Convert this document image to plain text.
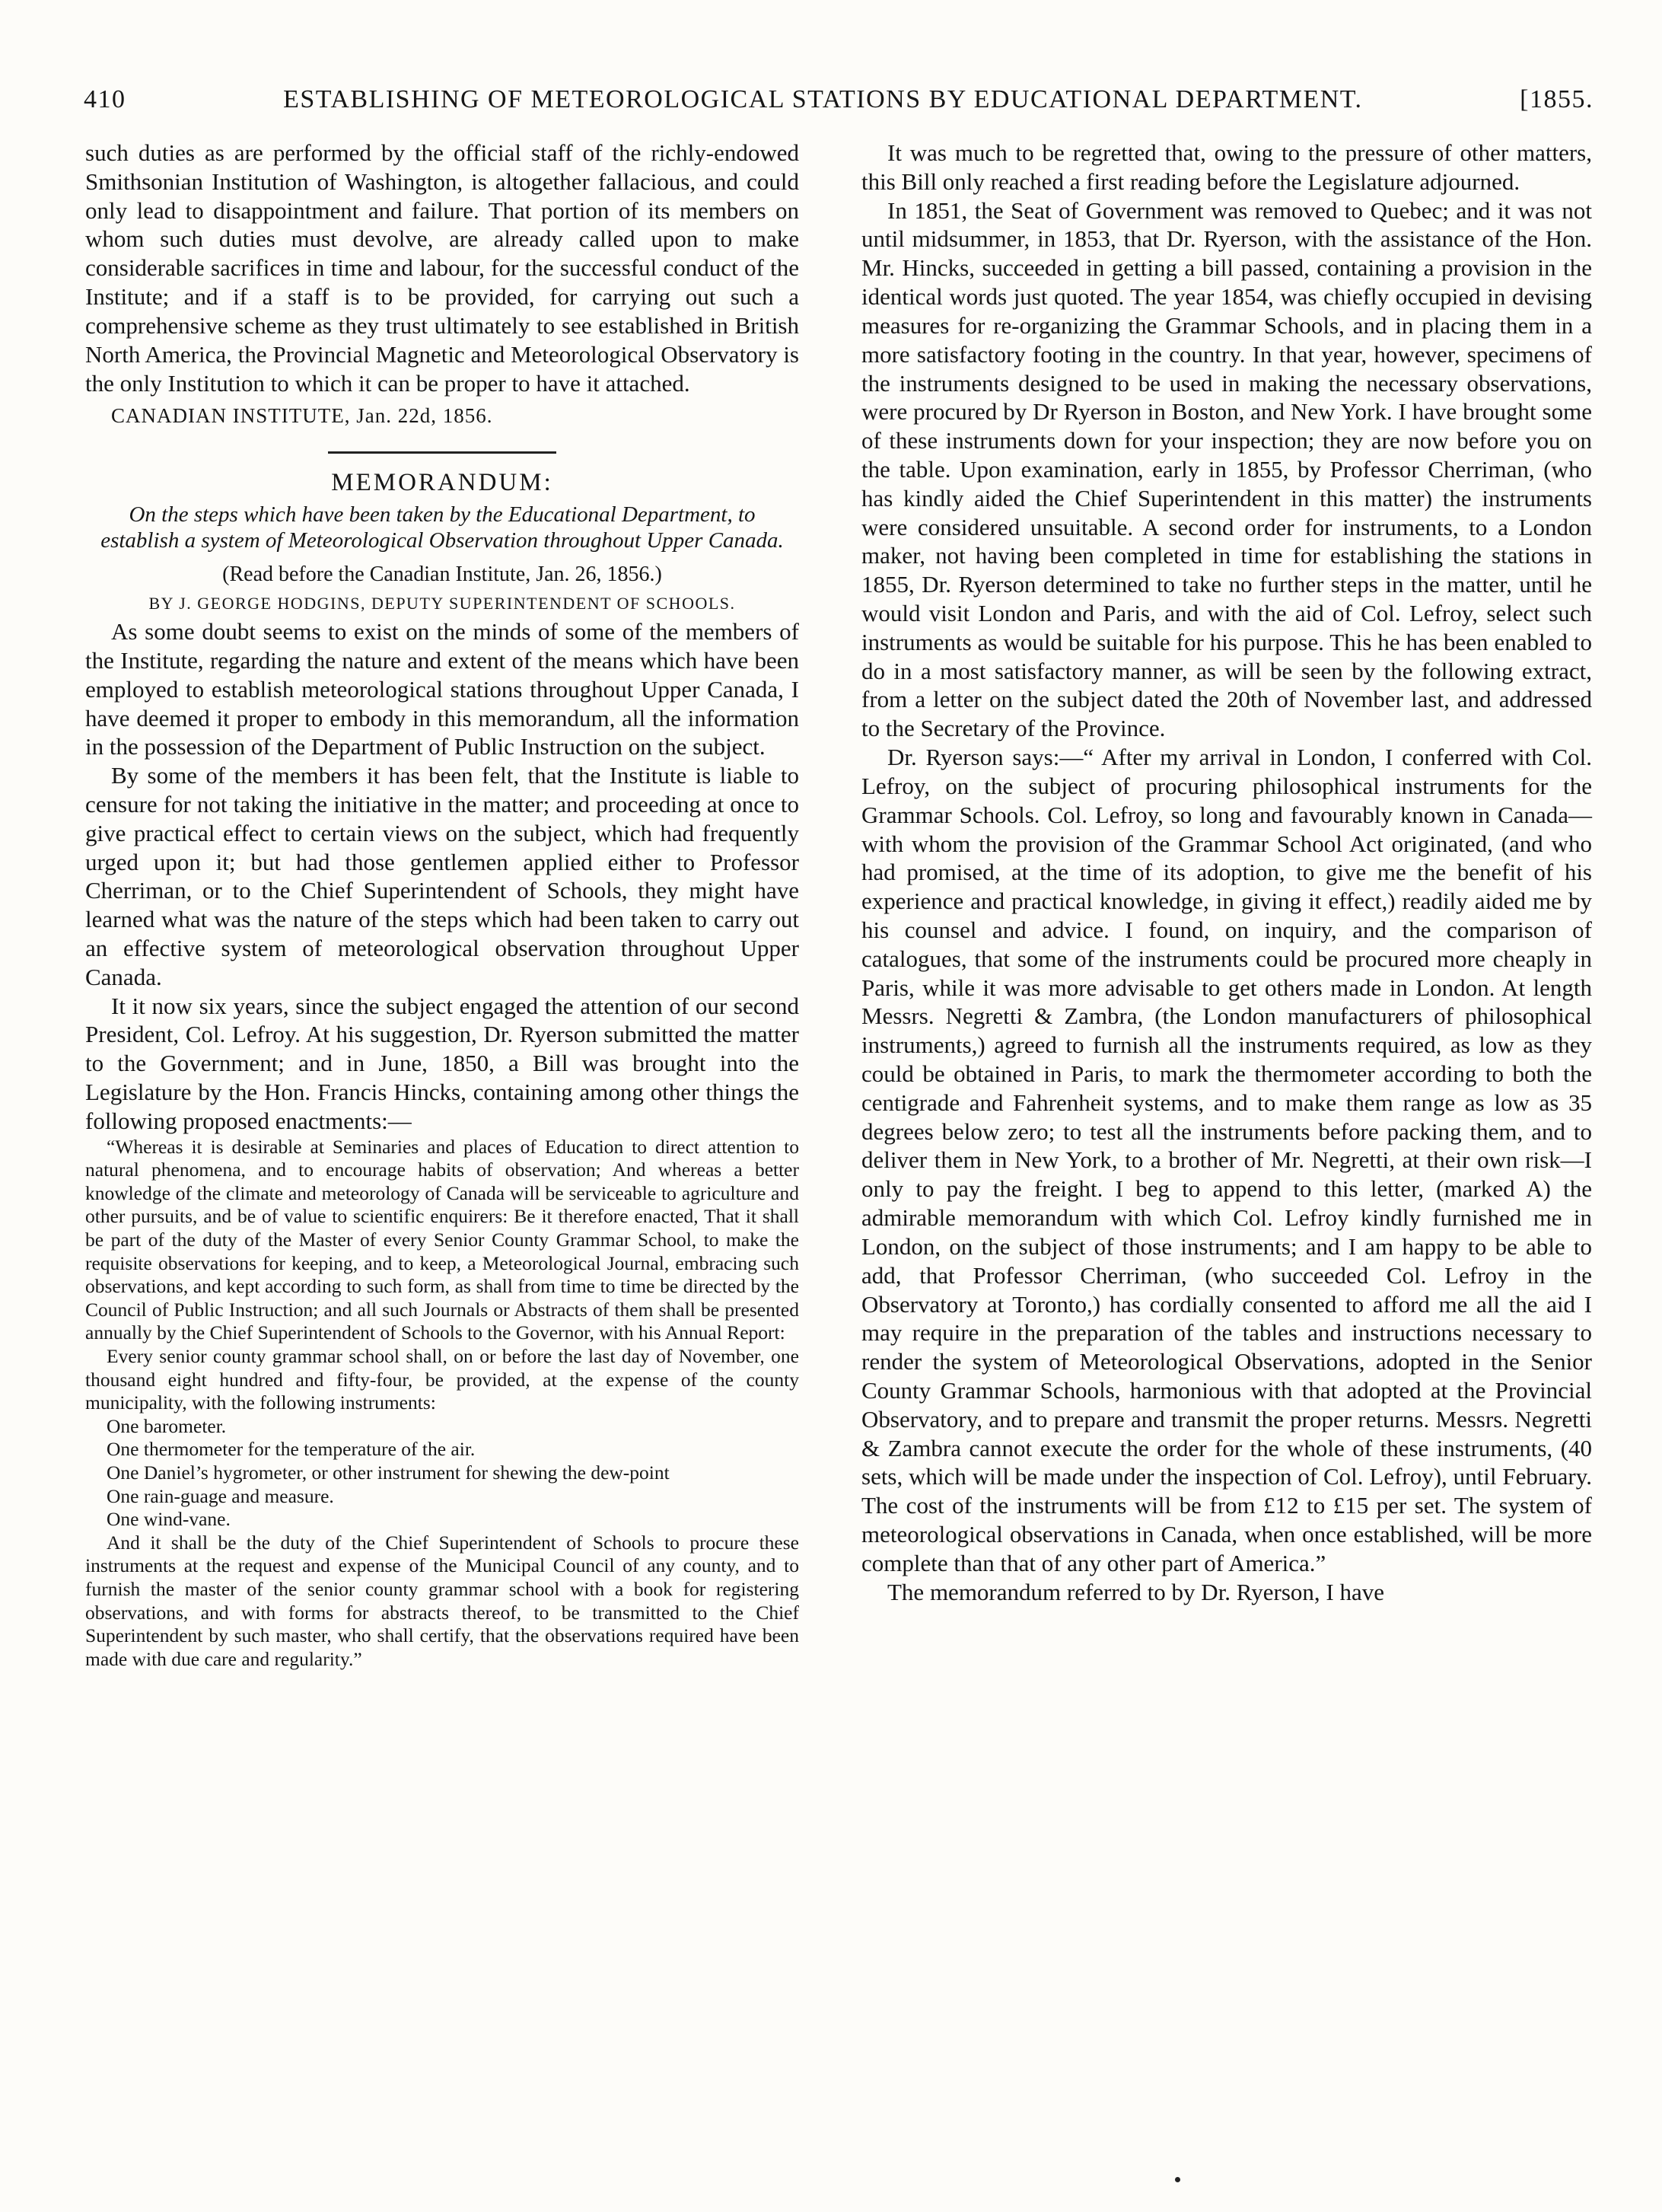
410	ESTABLISHING OF METEOROLOGICAL STATIONS BY EDUCATIONAL DEPARTMENT.	[1855.

such duties as are performed by the official staff of the richly-endowed Smithsonian Institution of Washington, is altogether fallacious, and could only lead to disappointment and failure. That portion of its members on whom such duties must devolve, are already called upon to make considerable sacrifices in time and labour, for the successful conduct of the Institute; and if a staff is to be provided, for carrying out such a comprehensive scheme as they trust ultimately to see established in British North America, the Provincial Magnetic and Meteorological Observatory is the only Institution to which it can be proper to have it attached.

CANADIAN INSTITUTE, Jan. 22d, 1856.

MEMORANDUM:

On the steps which have been taken by the Educational Department, to establish a system of Meteorological Observation throughout Upper Canada.

(Read before the Canadian Institute, Jan. 26, 1856.)

BY J. GEORGE HODGINS, DEPUTY SUPERINTENDENT OF SCHOOLS.

As some doubt seems to exist on the minds of some of the members of the Institute, regarding the nature and extent of the means which have been employed to establish meteorological stations throughout Upper Canada, I have deemed it proper to embody in this memorandum, all the information in the possession of the Department of Public Instruction on the subject.

By some of the members it has been felt, that the Institute is liable to censure for not taking the initiative in the matter; and proceeding at once to give practical effect to certain views on the subject, which had frequently urged upon it; but had those gentlemen applied either to Professor Cherriman, or to the Chief Superintendent of Schools, they might have learned what was the nature of the steps which had been taken to carry out an effective system of meteorological observation throughout Upper Canada.

It it now six years, since the subject engaged the attention of our second President, Col. Lefroy. At his suggestion, Dr. Ryerson submitted the matter to the Government; and in June, 1850, a Bill was brought into the Legislature by the Hon. Francis Hincks, containing among other things the following proposed enactments:—

“Whereas it is desirable at Seminaries and places of Education to direct attention to natural phenomena, and to encourage habits of observation; And whereas a better knowledge of the climate and meteorology of Canada will be serviceable to agriculture and other pursuits, and be of value to scientific enquirers: Be it therefore enacted, That it shall be part of the duty of the Master of every Senior County Grammar School, to make the requisite observations for keeping, and to keep, a Meteorological Journal, embracing such observations, and kept according to such form, as shall from time to time be directed by the Council of Public Instruction; and all such Journals or Abstracts of them shall be presented annually by the Chief Superintendent of Schools to the Governor, with his Annual Report:

Every senior county grammar school shall, on or before the last day of November, one thousand eight hundred and fifty-four, be provided, at the expense of the county municipality, with the following instruments:

One barometer.

One thermometer for the temperature of the air.

One Daniel’s hygrometer, or other instrument for shewing the dew-point

One rain-guage and measure.

One wind-vane.

And it shall be the duty of the Chief Superintendent of Schools to procure these instruments at the request and expense of the Municipal Council of any county, and to furnish the master of the senior county grammar school with a book for registering observations, and with forms for abstracts thereof, to be transmitted to the Chief Superintendent by such master, who shall certify, that the observations required have been made with due care and regularity.”

It was much to be regretted that, owing to the pressure of other matters, this Bill only reached a first reading before the Legislature adjourned.

In 1851, the Seat of Government was removed to Quebec; and it was not until midsummer, in 1853, that Dr. Ryerson, with the assistance of the Hon. Mr. Hincks, succeeded in getting a bill passed, containing a provision in the identical words just quoted. The year 1854, was chiefly occupied in devising measures for re-organizing the Grammar Schools, and in placing them in a more satisfactory footing in the country. In that year, however, specimens of the instruments designed to be used in making the necessary observations, were procured by Dr Ryerson in Boston, and New York. I have brought some of these instruments down for your inspection; they are now before you on the table. Upon examination, early in 1855, by Professor Cherriman, (who has kindly aided the Chief Superintendent in this matter) the instruments were considered unsuitable. A second order for instruments, to a London maker, not having been completed in time for establishing the stations in 1855, Dr. Ryerson determined to take no further steps in the matter, until he would visit London and Paris, and with the aid of Col. Lefroy, select such instruments as would be suitable for his purpose. This he has been enabled to do in a most satisfactory manner, as will be seen by the following extract, from a letter on the subject dated the 20th of November last, and addressed to the Secretary of the Province.

Dr. Ryerson says:—“ After my arrival in London, I conferred with Col. Lefroy, on the subject of procuring philosophical instruments for the Grammar Schools. Col. Lefroy, so long and favourably known in Canada—with whom the provision of the Grammar School Act originated, (and who had promised, at the time of its adoption, to give me the benefit of his experience and practical knowledge, in giving it effect,) readily aided me by his counsel and advice. I found, on inquiry, and the comparison of catalogues, that some of the instruments could be procured more cheaply in Paris, while it was more advisable to get others made in London. At length Messrs. Negretti & Zambra, (the London manufacturers of philosophical instruments,) agreed to furnish all the instruments required, as low as they could be obtained in Paris, to mark the thermometer according to both the centigrade and Fahrenheit systems, and to make them range as low as 35 degrees below zero; to test all the instruments before packing them, and to deliver them in New York, to a brother of Mr. Negretti, at their own risk—I only to pay the freight. I beg to append to this letter, (marked A) the admirable memorandum with which Col. Lefroy kindly furnished me in London, on the subject of those instruments; and I am happy to be able to add, that Professor Cherriman, (who succeeded Col. Lefroy in the Observatory at Toronto,) has cordially consented to afford me all the aid I may require in the preparation of the tables and instructions necessary to render the system of Meteorological Observations, adopted in the Senior County Grammar Schools, harmonious with that adopted at the Provincial Observatory, and to prepare and transmit the proper returns. Messrs. Negretti & Zambra cannot execute the order for the whole of these instruments, (40 sets, which will be made under the inspection of Col. Lefroy), until February. The cost of the instruments will be from £12 to £15 per set. The system of meteorological observations in Canada, when once established, will be more complete than that of any other part of America.”

The memorandum referred to by Dr. Ryerson, I have
